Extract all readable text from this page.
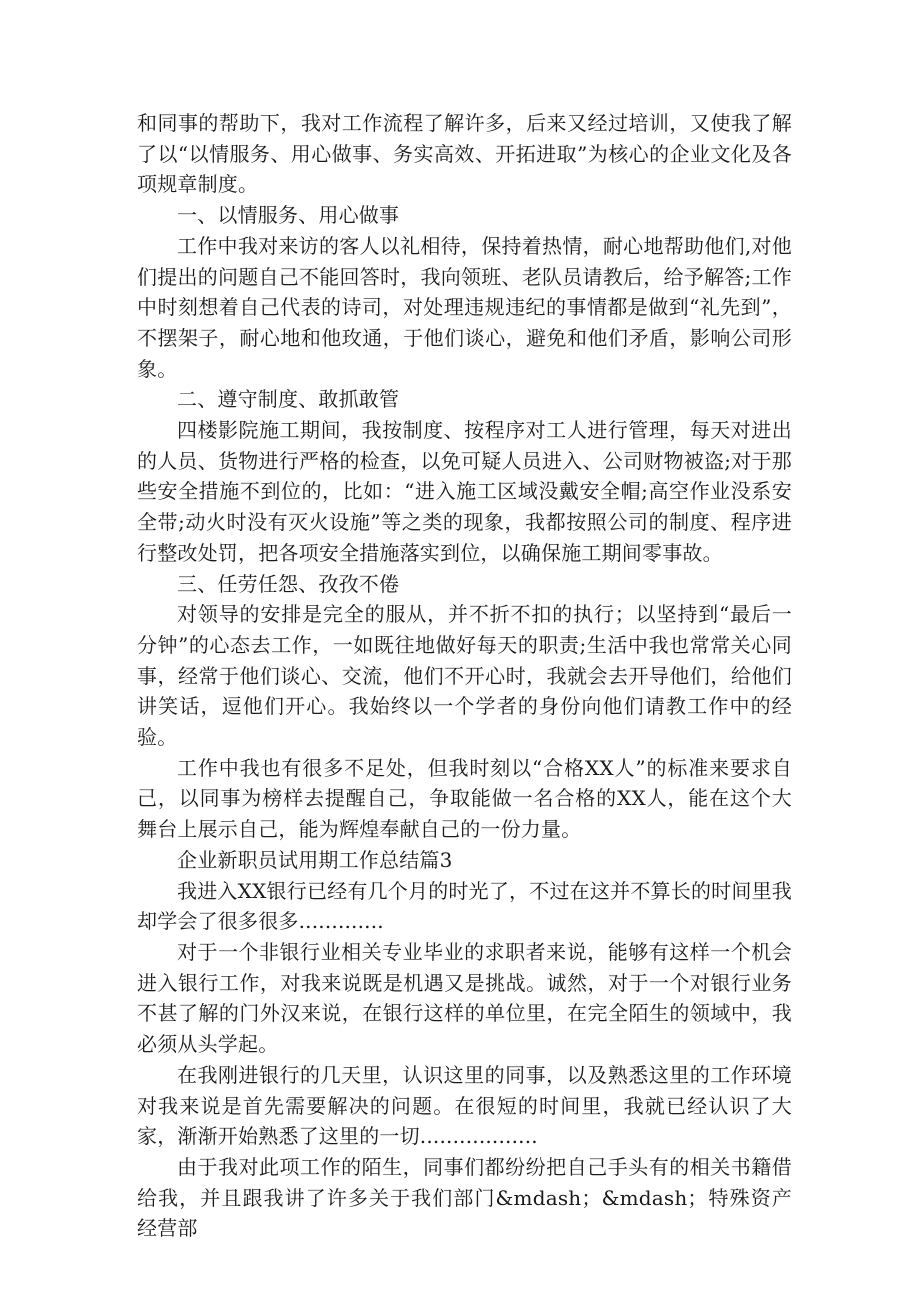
和同事的帮助下，我对工作流程了解许多，后来又经过培训，又使我了解了以“以情服务、用心做事、务实高效、开拓进取”为核心的企业文化及各项规章制度。

一、以情服务、用心做事

工作中我对来访的客人以礼相待，保持着热情，耐心地帮助他们,对他们提出的问题自己不能回答时，我向领班、老队员请教后，给予解答;工作中时刻想着自己代表的诗司，对处理违规违纪的事情都是做到“礼先到”，不摆架子，耐心地和他玫通，于他们谈心，避免和他们矛盾，影响公司形象。

二、遵守制度、敢抓敢管

四楼影院施工期间，我按制度、按程序对工人进行管理，每天对进出的人员、货物进行严格的检查，以免可疑人员进入、公司财物被盗;对于那些安全措施不到位的，比如：“进入施工区域没戴安全帽;高空作业没系安全带;动火时没有灭火设施”等之类的现象，我都按照公司的制度、程序进行整改处罚，把各项安全措施落实到位，以确保施工期间零事故。

三、任劳任怨、孜孜不倦

对领导的安排是完全的服从，并不折不扣的执行；以坚持到“最后一分钟”的心态去工作，一如既往地做好每天的职责;生活中我也常常关心同事，经常于他们谈心、交流，他们不开心时，我就会去开导他们，给他们讲笑话，逗他们开心。我始终以一个学者的身份向他们请教工作中的经验。

工作中我也有很多不足处，但我时刻以“合格XX人”的标准来要求自己，以同事为榜样去提醒自己，争取能做一名合格的XX人，能在这个大舞台上展示自己，能为辉煌奉献自己的一份力量。

企业新职员试用期工作总结篇3

我进入XX银行已经有几个月的时光了，不过在这并不算长的时间里我却学会了很多很多.............

对于一个非银行业相关专业毕业的求职者来说，能够有这样一个机会进入银行工作，对我来说既是机遇又是挑战。诚然，对于一个对银行业务不甚了解的门外汉来说，在银行这样的单位里，在完全陌生的领域中，我必须从头学起。

在我刚进银行的几天里，认识这里的同事，以及熟悉这里的工作环境对我来说是首先需要解决的问题。在很短的时间里，我就已经认识了大家，渐渐开始熟悉了这里的一切..................

由于我对此项工作的陌生，同事们都纷纷把自己手头有的相关书籍借给我，并且跟我讲了许多关于我们部门&mdash；&mdash；特殊资产经营部
